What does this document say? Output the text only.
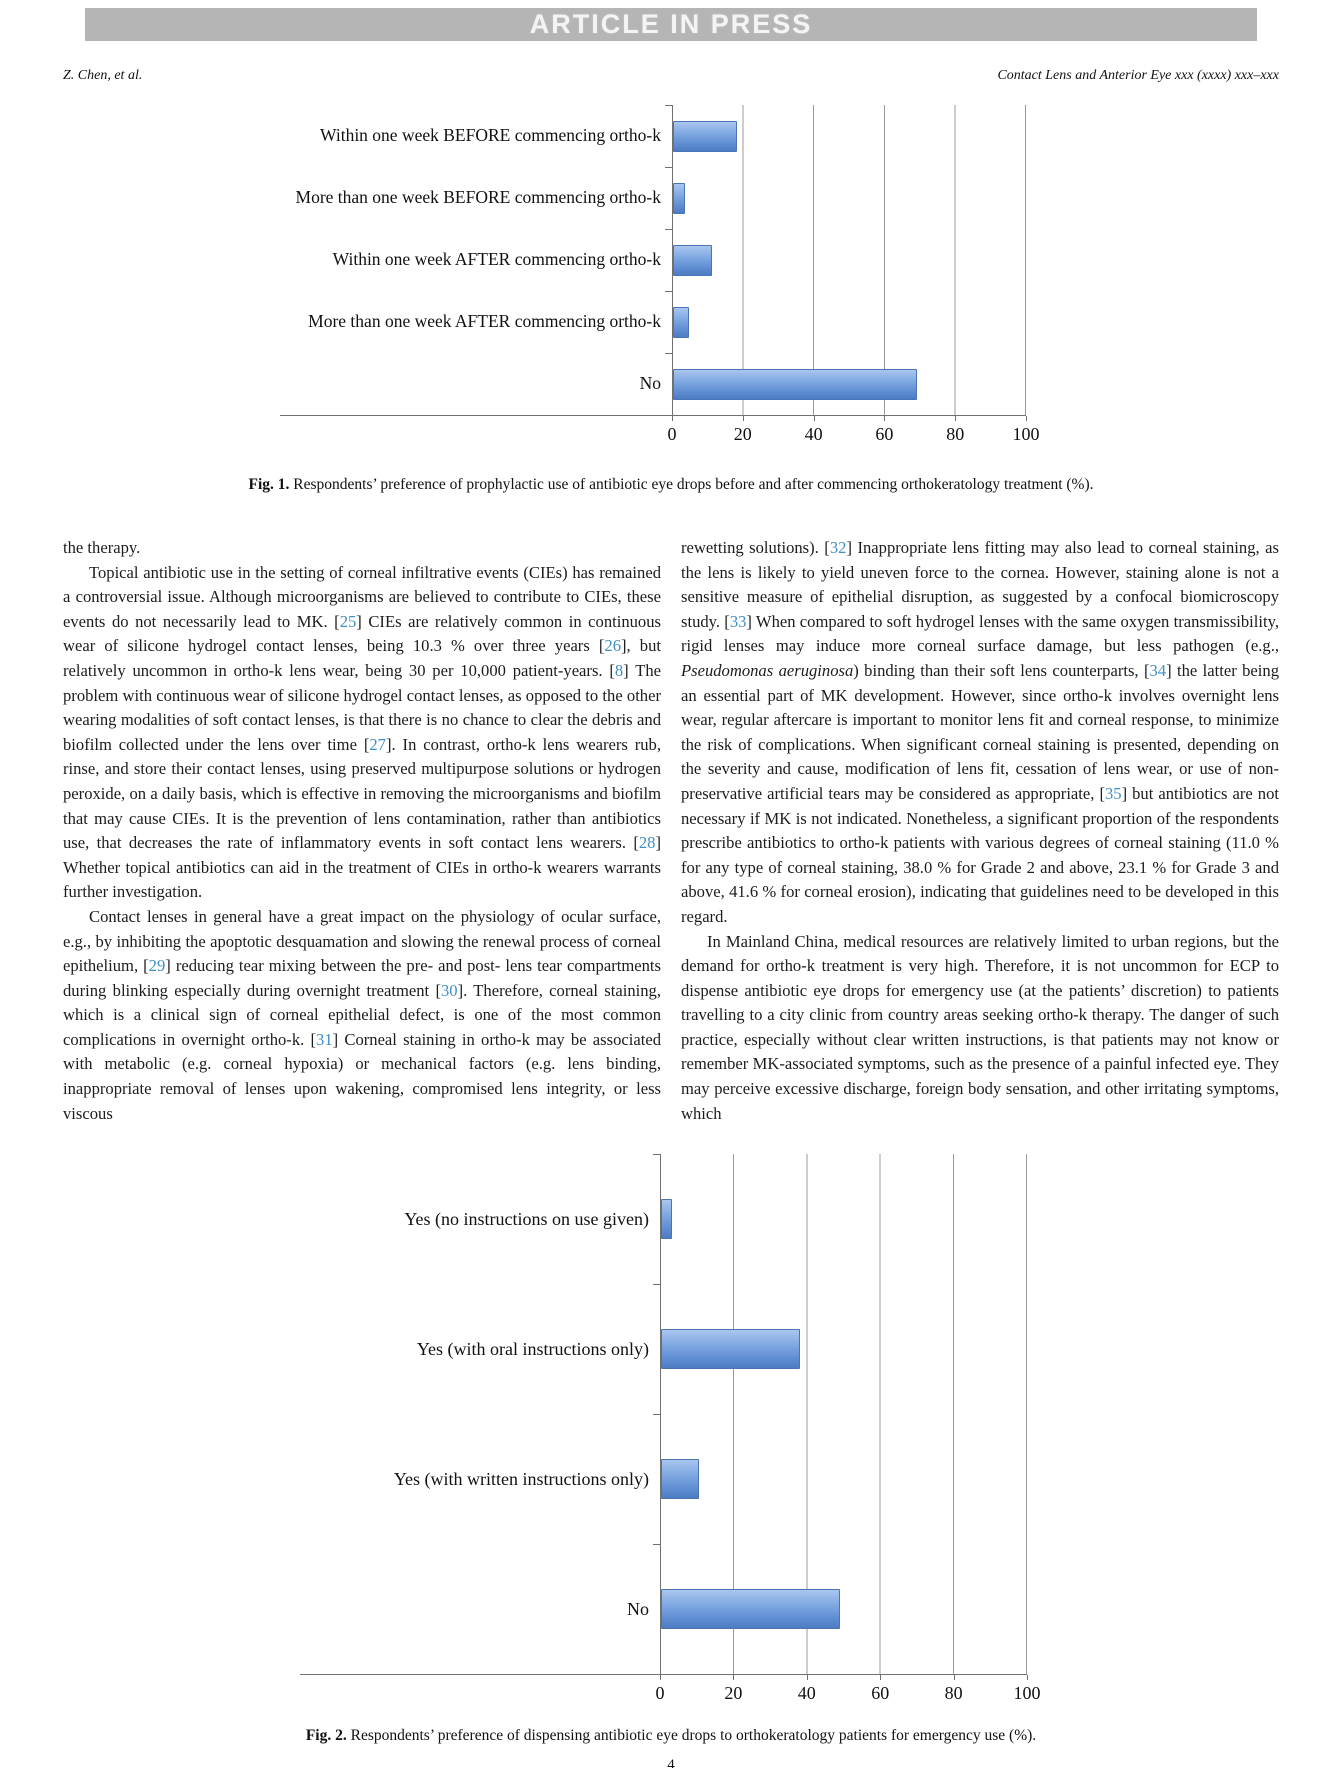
ARTICLE IN PRESS
Z. Chen, et al.	Contact Lens and Anterior Eye xxx (xxxx) xxx–xxx
Within one week BEFORE commencing ortho-k
More than one week BEFORE commencing ortho-k
Within one week AFTER commencing ortho-k
More than one week AFTER commencing ortho-k
No
0	20	40	60	80	100
Fig. 1. Respondents’ preference of prophylactic use of antibiotic eye drops before and after commencing orthokeratology treatment (%).

the therapy.

Topical antibiotic use in the setting of corneal infiltrative events (CIEs) has remained a controversial issue. Although microorganisms are believed to contribute to CIEs, these events do not necessarily lead to MK. [25] CIEs are relatively common in continuous wear of silicone hydrogel contact lenses, being 10.3 % over three years [26], but relatively uncommon in ortho-k lens wear, being 30 per 10,000 patient-years. [8] The problem with continuous wear of silicone hydrogel contact lenses, as opposed to the other wearing modalities of soft contact lenses, is that there is no chance to clear the debris and biofilm collected under the lens over time [27]. In contrast, ortho-k lens wearers rub, rinse, and store their contact lenses, using preserved multipurpose solutions or hydrogen peroxide, on a daily basis, which is effective in removing the microorganisms and biofilm that may cause CIEs. It is the prevention of lens contamination, rather than antibiotics use, that decreases the rate of inflammatory events in soft contact lens wearers. [28] Whether topical antibiotics can aid in the treatment of CIEs in ortho-k wearers warrants further investigation.

Contact lenses in general have a great impact on the physiology of ocular surface, e.g., by inhibiting the apoptotic desquamation and slowing the renewal process of corneal epithelium, [29] reducing tear mixing between the pre- and post- lens tear compartments during blinking especially during overnight treatment [30]. Therefore, corneal staining, which is a clinical sign of corneal epithelial defect, is one of the most common complications in overnight ortho-k. [31] Corneal staining in ortho-k may be associated with metabolic (e.g. corneal hypoxia) or mechanical factors (e.g. lens binding, inappropriate removal of lenses upon wakening, compromised lens integrity, or less viscous

rewetting solutions). [32] Inappropriate lens fitting may also lead to corneal staining, as the lens is likely to yield uneven force to the cornea. However, staining alone is not a sensitive measure of epithelial disruption, as suggested by a confocal biomicroscopy study. [33] When compared to soft hydrogel lenses with the same oxygen transmissibility, rigid lenses may induce more corneal surface damage, but less pathogen (e.g., Pseudomonas aeruginosa) binding than their soft lens counterparts, [34] the latter being an essential part of MK development. However, since ortho-k involves overnight lens wear, regular aftercare is important to monitor lens fit and corneal response, to minimize the risk of complications. When significant corneal staining is presented, depending on the severity and cause, modification of lens fit, cessation of lens wear, or use of non-preservative artificial tears may be considered as appropriate, [35] but antibiotics are not necessary if MK is not indicated. Nonetheless, a significant proportion of the respondents prescribe antibiotics to ortho-k patients with various degrees of corneal staining (11.0 % for any type of corneal staining, 38.0 % for Grade 2 and above, 23.1 % for Grade 3 and above, 41.6 % for corneal erosion), indicating that guidelines need to be developed in this regard.

In Mainland China, medical resources are relatively limited to urban regions, but the demand for ortho-k treatment is very high. Therefore, it is not uncommon for ECP to dispense antibiotic eye drops for emergency use (at the patients’ discretion) to patients travelling to a city clinic from country areas seeking ortho-k therapy. The danger of such practice, especially without clear written instructions, is that patients may not know or remember MK-associated symptoms, such as the presence of a painful infected eye. They may perceive excessive discharge, foreign body sensation, and other irritating symptoms, which

Yes (no instructions on use given)
Yes (with oral instructions only)
Yes (with written instructions only)
No
0	20	40	60	80	100
Fig. 2. Respondents’ preference of dispensing antibiotic eye drops to orthokeratology patients for emergency use (%).
4
